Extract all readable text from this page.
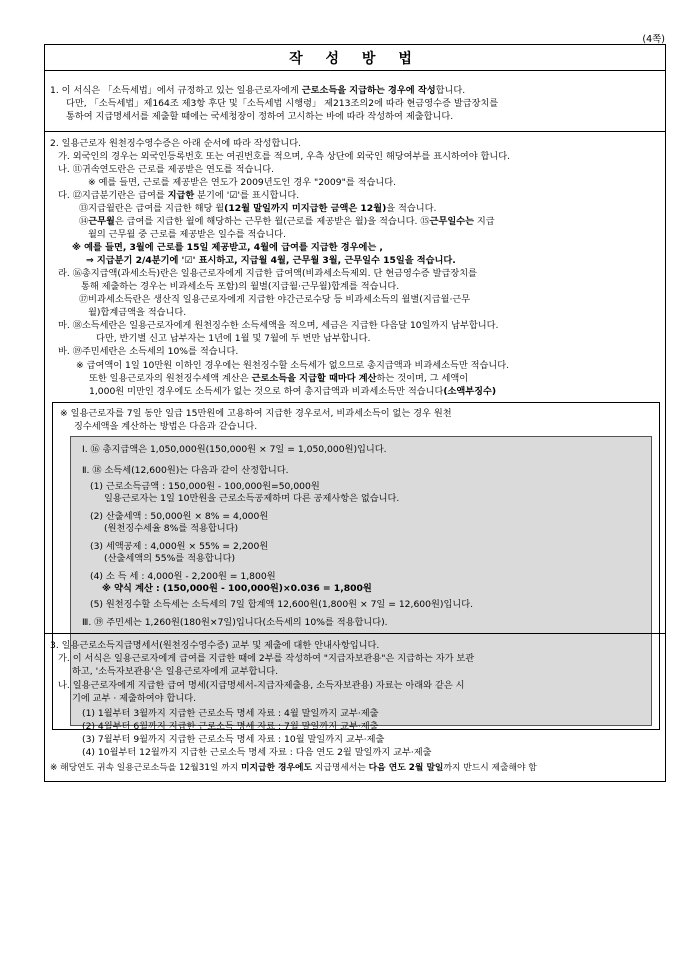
(4쪽)
작 성 방 법
1. 이 서식은 「소득세법」에서 규정하고 있는 일용근로자에게 근로소득을 지급하는 경우에 작성합니다.
다만, 「소득세법」제164조 제3항 후단 및「소득세법 시행령」 제213조의2에 따라 현금영수증 발급장치를
통하여 지급명세서를 제출할 때에는 국세청장이 정하여 고시하는 바에 따라 작성하여 제출합니다.
2. 일용근로자 원천징수영수증은 아래 순서에 따라 작성합니다.
가. 외국인의 경우는 외국인등록번호 또는 여권번호를 적으며, 우측 상단에 외국인 해당여부를 표시하여야 합니다.
나. ⑪귀속연도란은 근로를 제공받은 연도를 적습니다.
※ 예를 들면, 근로를 제공받은 연도가 2009년도인 경우 "2009"를 적습니다.
다. ⑫지급분기란은 급여를 지급한 분기에 '☑'를 표시합니다.
⑬지급월란은 급여를 지급한 해당 월(12월 말일까지 미지급한 금액은 12월)을 적습니다.
⑭근무월은 급여를 지급한 월에 해당하는 근무한 월(근로를 제공받은 월)을 적습니다. ⑮근무일수는 지급
월의 근무월 중 근로를 제공받은 일수를 적습니다.
※ 예를 들면, 3월에 근로를 15일 제공받고, 4월에 급여를 지급한 경우에는 ,
⇒ 지급분기 2/4분기에 '☑' 표시하고, 지급월 4월, 근무월 3월, 근무일수 15일을 적습니다.
라. ⑯총지급액(과세소득)란은 일용근로자에게 지급한 급여액(비과세소득제외. 단 현금영수증 발급장치를
통해 제출하는 경우는 비과세소득 포함)의 월별(지급월·근무월)합계를 적습니다.
⑰비과세소득란은 생산직 일용근로자에게 지급한 야간근로수당 등 비과세소득의 월별(지급월·근무
월)합계금액을 적습니다.
마. ⑱소득세란은 일용근로자에게 원천징수한 소득세액을 적으며, 세금은 지급한 다음달 10일까지 납부합니다.
다만, 반기별 신고 납부자는 1년에 1월 및 7월에 두 번만 납부합니다.
바. ⑲주민세란은 소득세의 10%를 적습니다.
※ 급여액이 1일 10만원 이하인 경우에는 원천징수할 소득세가 없으므로 총지급액과 비과세소득만 적습니다.
또한 일용근로자의 원천징수세액 계산은 근로소득을 지급할 때마다 계산하는 것이며, 그 세액이
1,000원 미만인 경우에도 소득세가 없는 것으로 하여 총지급액과 비과세소득만 적습니다(소액부징수)
※ 일용근로자를 7일 동안 일급 15만원에 고용하여 지급한 경우로서, 비과세소득이 없는 경우 원천
징수세액을 계산하는 방법은 다음과 같습니다.
Ⅰ. ⑯ 총지급액은 1,050,000원(150,000원 × 7일 = 1,050,000원)입니다.
Ⅱ. ⑱ 소득세(12,600원)는 다음과 같이 산정합니다.
(1) 근로소득금액 : 150,000원 - 100,000원=50,000원
일용근로자는 1일 10만원을 근로소득공제하며 다른 공제사항은 없습니다.
(2) 산출세액 : 50,000원 × 8% = 4,000원
(원천징수세율 8%를 적용합니다)
(3) 세액공제 : 4,000원 × 55% = 2,200원
(산출세액의 55%를 적용합니다)
(4) 소 득 세 : 4,000원 - 2,200원 = 1,800원
※ 약식 계산 : (150,000원 - 100,000원)×0.036 = 1,800원
(5) 원천징수할 소득세는 소득세의 7일 합계액 12,600원(1,800원 × 7일 = 12,600원)입니다.
Ⅲ. ⑲ 주민세는 1,260원(180원×7일)입니다(소득세의 10%를 적용합니다).
3. 일용근로소득지급명세서(원천징수영수증) 교부 및 제출에 대한 안내사항입니다.
가. 이 서식은 일용근로자에게 급여를 지급한 때에 2부를 작성하여 "지급자보관용"은 지급하는 자가 보관
하고, '소득자보관용'은 일용근로자에게 교부합니다.
나. 일용근로자에게 지급한 급여 명세(지급명세서-지급자제출용, 소득자보관용) 자료는 아래와 같은 시
기에 교부 · 제출하여야 합니다.
(1) 1월부터 3월까지 지급한 근로소득 명세 자료 : 4월 말일까지 교부·제출
(2) 4월부터 6월까지 지급한 근로소득 명세 자료 : 7월 말일까지 교부·제출
(3) 7월부터 9월까지 지급한 근로소득 명세 자료 : 10월 말일까지 교부·제출
(4) 10월부터 12월까지 지급한 근로소득 명세 자료 : 다음 연도 2월 말일까지 교부·제출
※ 해당연도 귀속 일용근로소득을 12월31일 까지 미지급한 경우에도 지급명세서는 다음 연도 2월 말일까지 반드시 제출해야 함
